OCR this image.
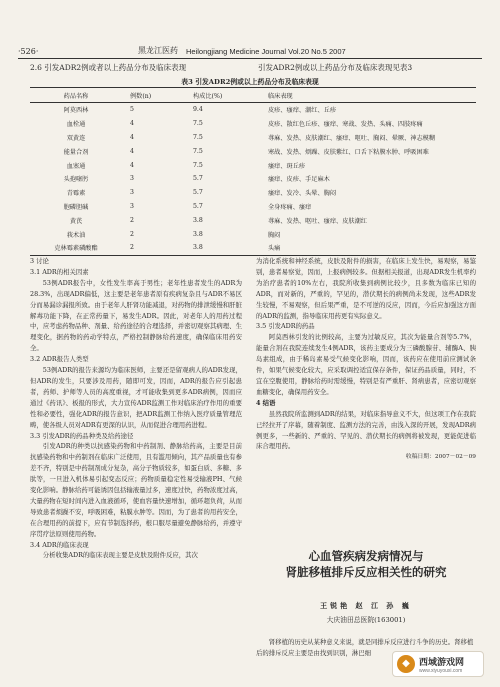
·526·	黑龙江医药 Heilongjiang Medicine Journal Vol.20 No.5 2007
2.6 引发ADR2例或者以上药品分布及临床表现	引发ADR2例或以上药品分布及临床表现见表3
表3 引发ADR2例或以上药品分布及临床表现
药品名称	例数(n)	构成比(%)	临床表现
阿莫西林	5	9.4	皮疹、瘙痒、潮红、丘疹
血栓通	4	7.5	皮疹、散红色丘疹、瘙痒、寒战、发热、头痛、四肢疼痛
双黄连	4	7.5	荨麻、发热、皮肤潮红、瘙痒、呕吐、胸闷、晕厥、神志模糊
能量合剂	4	7.5	寒战、发热、烦躁、皮肤紫红、口舌下粘膜水肿、呼吸困难
血塞通	4	7.5	瘙痒、斑丘疹
头孢噻肟	3	5.7	瘙痒、皮疹、手足麻木
青霉素	3	5.7	瘙痒、发冷、头晕、胸闷
胞磷胆碱	3	5.7	全身疼痛、瘙痒
黄芪	2	3.8	荨麻、发热、呕吐、瘙痒、皮肤潮红
莪术油	2	3.8	胸闷
克林霉素磷酸酯	2	3.8	头痛

3 讨论

3.1 ADR的相关因素

53例ADR报告中，女性发生率高于男性；老年性患者发生的ADR为28.3%，出现ADR偏低，这主要是老年患者原有疾病复杂且与ADR不易区分而易漏诊漏报所致。由于老年人肝肾功能减退，对药物的排泄缓慢和肝脏解毒功能下降，在正常药量下，易发生ADR。因此，对老年人的用药过程中，应考虑药物品种、剂量、给药途径的合理选择，并密切观察其病理、生理变化，据药物的药动学特点，严格控制静脉给药速度，确保临床用药安全。

3.2 ADR报告人类型

53例ADR的报告来源均为临床医师，主要还是留观病人的ADR发现，但ADR的发生，只要涉及用药，随即可发，因而，ADR的报告应引起患者，药师、护师等人员的高度重视，才可能收集到更多ADR病例，因而应通过《药讯》、板报的形式，大力宣传ADR监测工作对临床治疗作用的重要性和必要性，强化ADR的报告意识，把ADR监测工作纳入医疗质量管理范畴，使各级人员对ADR有更深的认识，从而促进合理用药进程。

3.3 引发ADR的药品种类及给药途径

引发ADR的种类以抗感染药物和中药制剂、静脉给药高，主要是目前抗感染药物和中药制剂在临床广泛使用，且有滥用倾向，其产品质量也有参差不齐，特别是中药制剂成分复杂，高分子物质较多，如蛋白质、多糖、多肽等，一旦进入机体易引起变态反应；药物质量稳定性易受输液PH、气候变化影响。静脉给药可能诱因包括输液量过多，速度过快，药物浓度过高，大量药物在短时间内进入血液循环，使血容量快速增加，循环超负荷，从而导致患者烦躁不安，呼吸困难，粘膜水肿等。因而，为了患者的用药安全，在合理用药的前提下，应有节制选择药，根口服尽量避免静脉给药，并遵守序贯疗法原则使用药物。

3.4 ADR的临床表现

分析收集ADR的临床表现主要是皮肤及附件反应，其次

为消化系统和神经系统，皮肤及附件的损害，在临床上发生快，易观察，易鉴别，患者易察觉，因而，上报病例较多。但据相关报道，出现ADR发生机率约为治疗患者的10%左右，我院所收集到病例比较少，且多数为临床已知的ADR，而对新的，严重的，罕见的，潜伏期长的病例尚未发现，这些ADR发生较慢，不易观察，但后果严重，是不可逆的反应，因而，今后应加强这方面的ADR的监测，指导临床用药更有实际意义。

3.5 引发ADR的药品

阿莫西林引发的比例较高，主要为过敏反应，其次为能量合剂等5.7%，能量合剂在我院连续发生4例ADR，该药主要成分为三磷酸腺苷、辅酶A、胰岛素组成，由于稀岛素易受气候变化影响，因而，该药应在使用前应测试条件，如果气候变化较大，应采取调控适宜保存条件，保证药品质量，同时，不宜在空腹使用，静脉给药时需缓慢，特别是有严重肝、肾病患者，应密切观察血糖变化，确保用药安全。

4 结语

虽然我院所监测到ADR的结果，对临床指导意义不大，但这项工作在我院已经拉开了序幕，随着制度、监测方法的完善，由浅入深的开展，发现ADR病例更多，一些新的、严重的、罕见的、潜伏期长的病例将被发现，更能促进临床合理用药。

收稿日期：2007－02－09

心血管疾病发病情况与
肾脏移植排斥反应相关性的研究
王锐艳 赵 江 孙 巍
大庆油田总医院(163001)
肾移植的历史从某种意义来说，就是同排斥反应进行斗争的历史。肾移植后的排斥反应主要是由找到识别，淋巴细
◆	西域游戏网
www.xiyuyouxi.com
